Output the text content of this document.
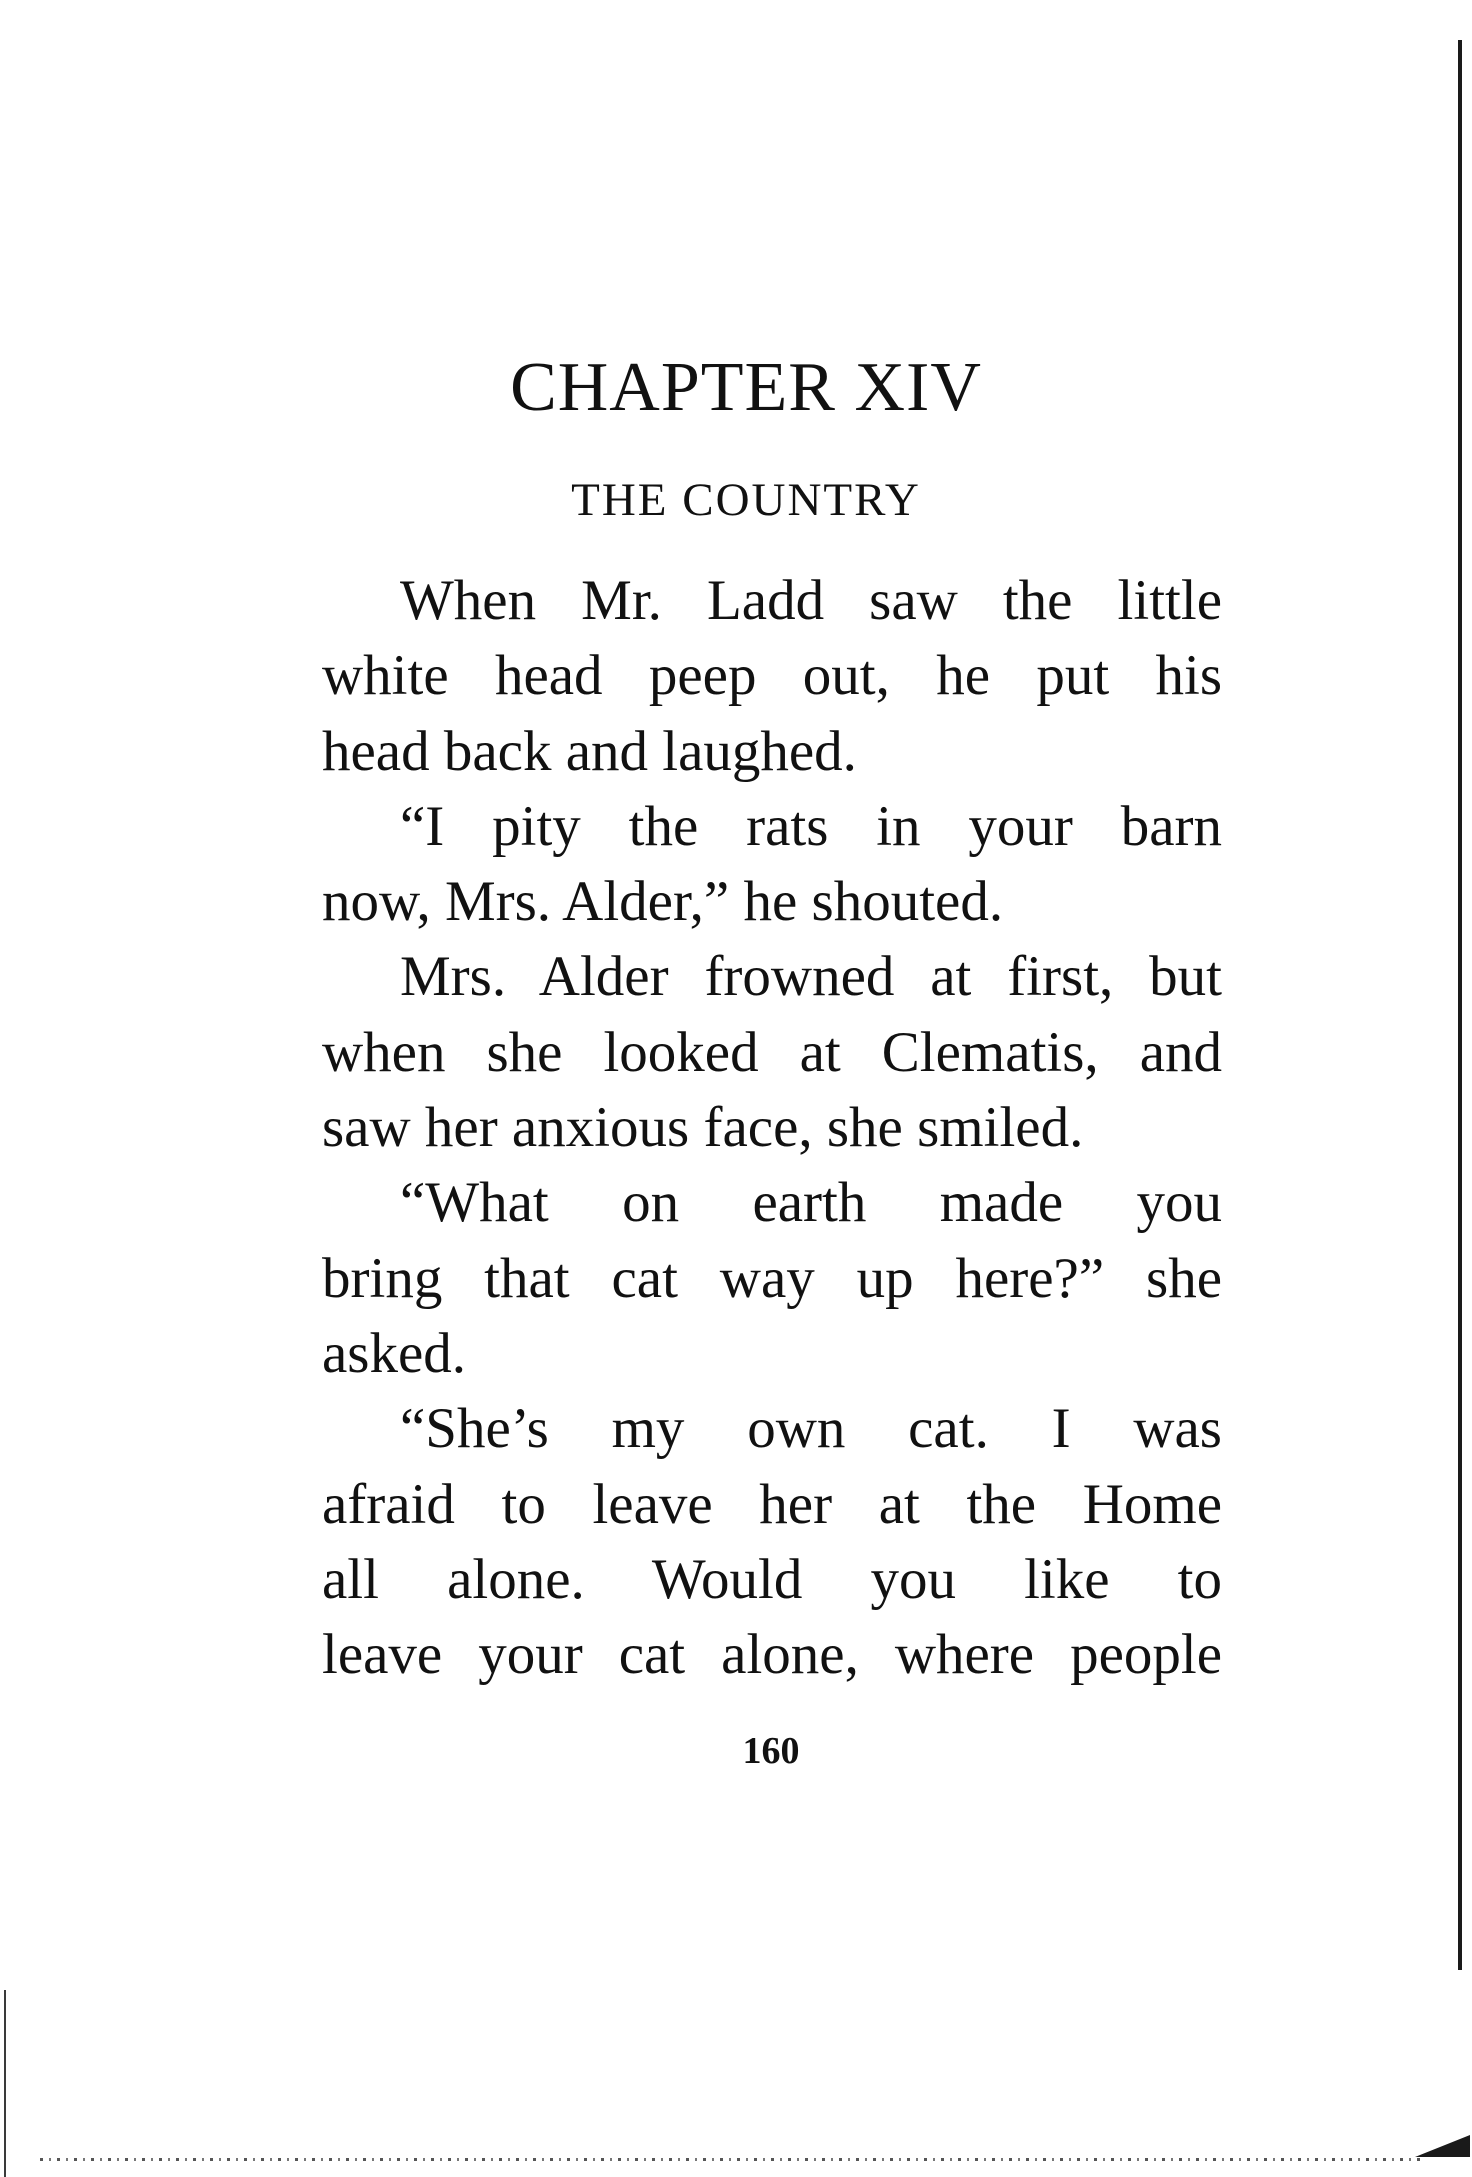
CHAPTER XIV
THE COUNTRY
When Mr. Ladd saw the little
white head peep out, he put his
head back and laughed.
“I pity the rats in your barn
now, Mrs. Alder,” he shouted.
Mrs. Alder frowned at first, but
when she looked at Clematis, and
saw her anxious face, she smiled.
“What on earth made you
bring that cat way up here?” she
asked.
“She’s my own cat. I was
afraid to leave her at the Home
all alone. Would you like to
leave your cat alone, where people
160
